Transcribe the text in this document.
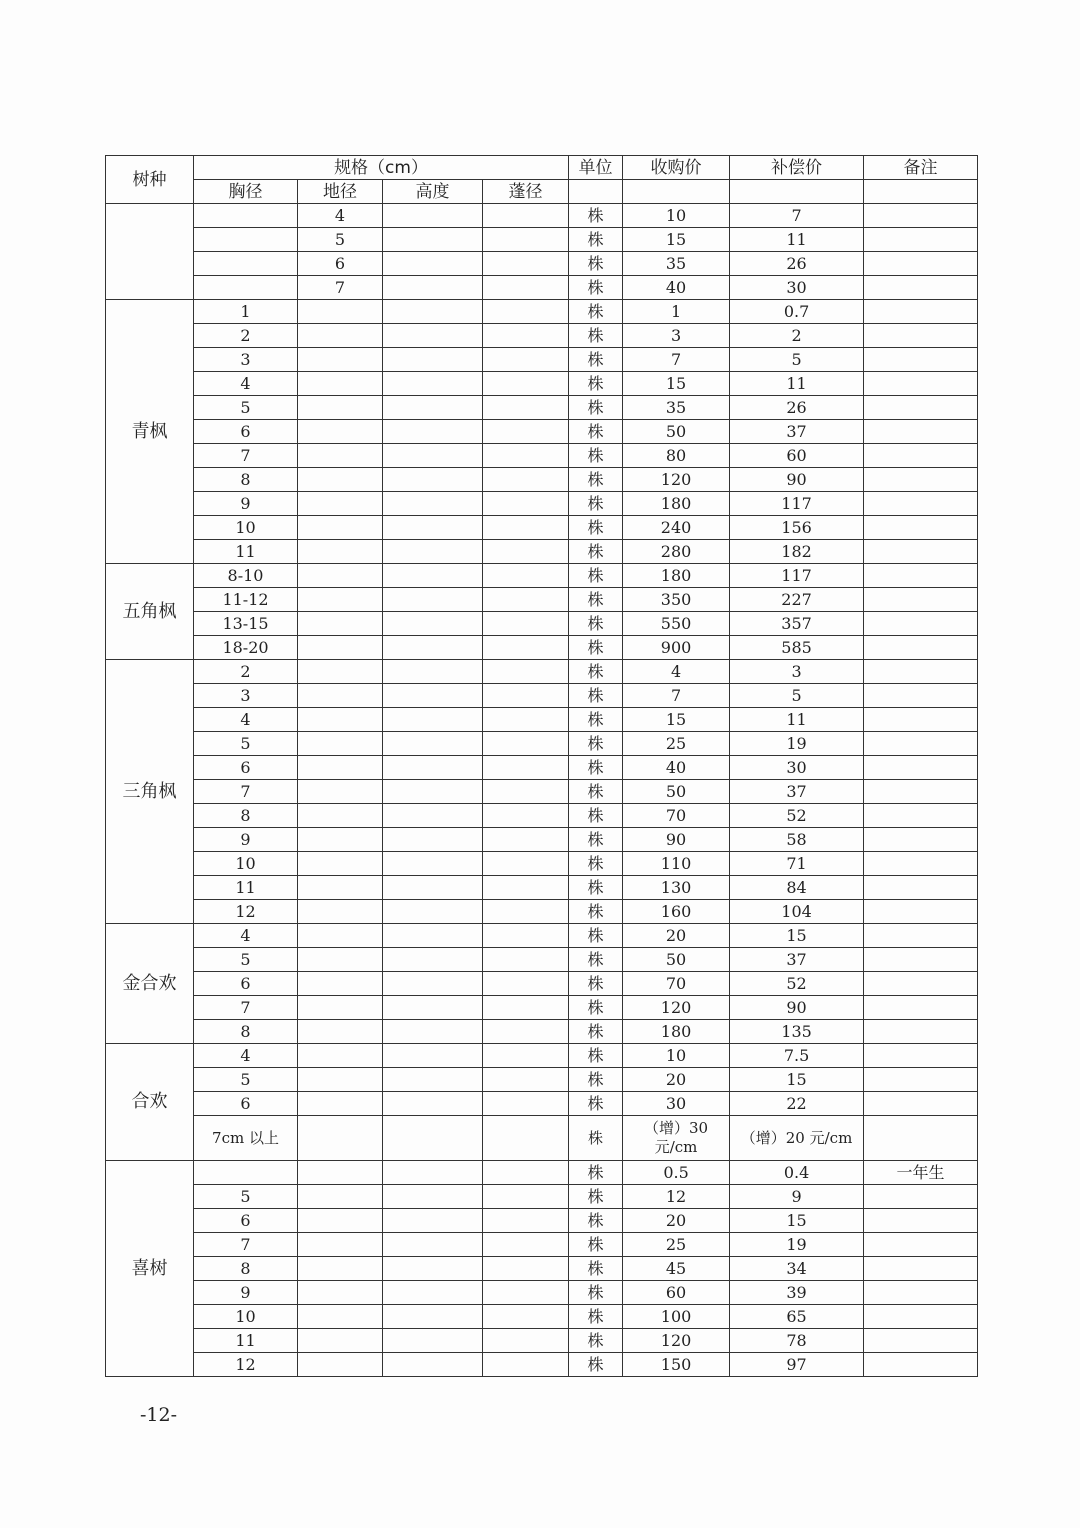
树种	规格（cm）				单位	收购价	补偿价	备注
	胸径	地径	高度	蓬径				
		4			株	10	7	
		5			株	15	11	
		6			株	35	26	
		7			株	40	30	
青枫	1				株	1	0.7	
	2				株	3	2	
	3				株	7	5	
	4				株	15	11	
	5				株	35	26	
	6				株	50	37	
	7				株	80	60	
	8				株	120	90	
	9				株	180	117	
	10				株	240	156	
	11				株	280	182	
五角枫	8-10				株	180	117	
	11-12				株	350	227	
	13-15				株	550	357	
	18-20				株	900	585	
三角枫	2				株	4	3	
	3				株	7	5	
	4				株	15	11	
	5				株	25	19	
	6				株	40	30	
	7				株	50	37	
	8				株	70	52	
	9				株	90	58	
	10				株	110	71	
	11				株	130	84	
	12				株	160	104	
金合欢	4				株	20	15	
	5				株	50	37	
	6				株	70	52	
	7				株	120	90	
	8				株	180	135	
合欢	4				株	10	7.5	
	5				株	20	15	
	6				株	30	22	
	7cm 以上				株	（增）30 元/cm	（增）20 元/cm	
喜树					株	0.5	0.4	一年生
	5				株	12	9	
	6				株	20	15	
	7				株	25	19	
	8				株	45	34	
	9				株	60	39	
	10				株	100	65	
	11				株	120	78	
	12				株	150	97	
-12-
